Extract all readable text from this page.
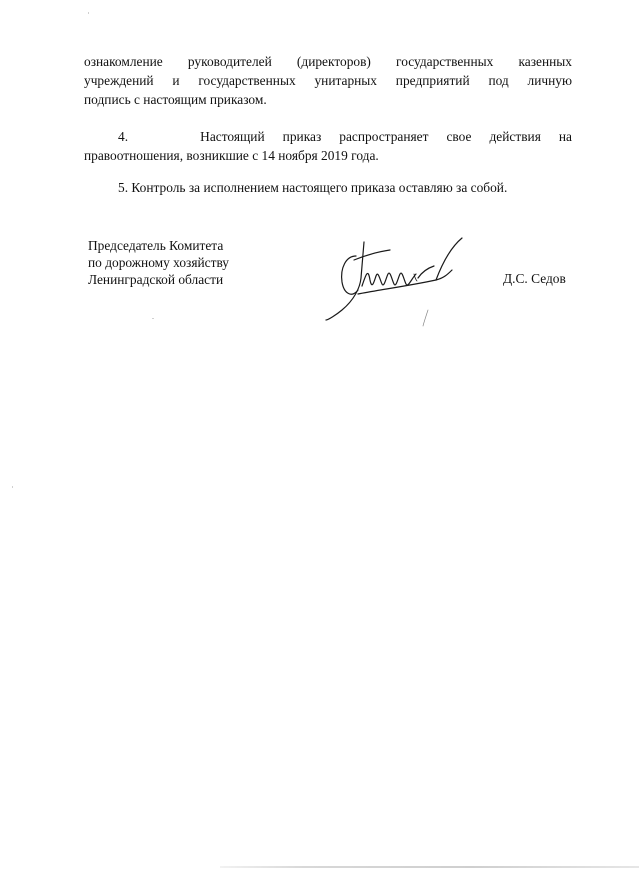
ознакомление руководителей (директоров) государственных казенных
учреждений и государственных унитарных предприятий под личную
подпись с настоящим приказом.
4.    Настоящий приказ распространяет свое действия на
правоотношения, возникшие с 14 ноября 2019 года.
5. Контроль за исполнением настоящего приказа оставляю за собой.
Председатель Комитета
по дорожному хозяйству
Ленинградской области	Д.С. Седов
